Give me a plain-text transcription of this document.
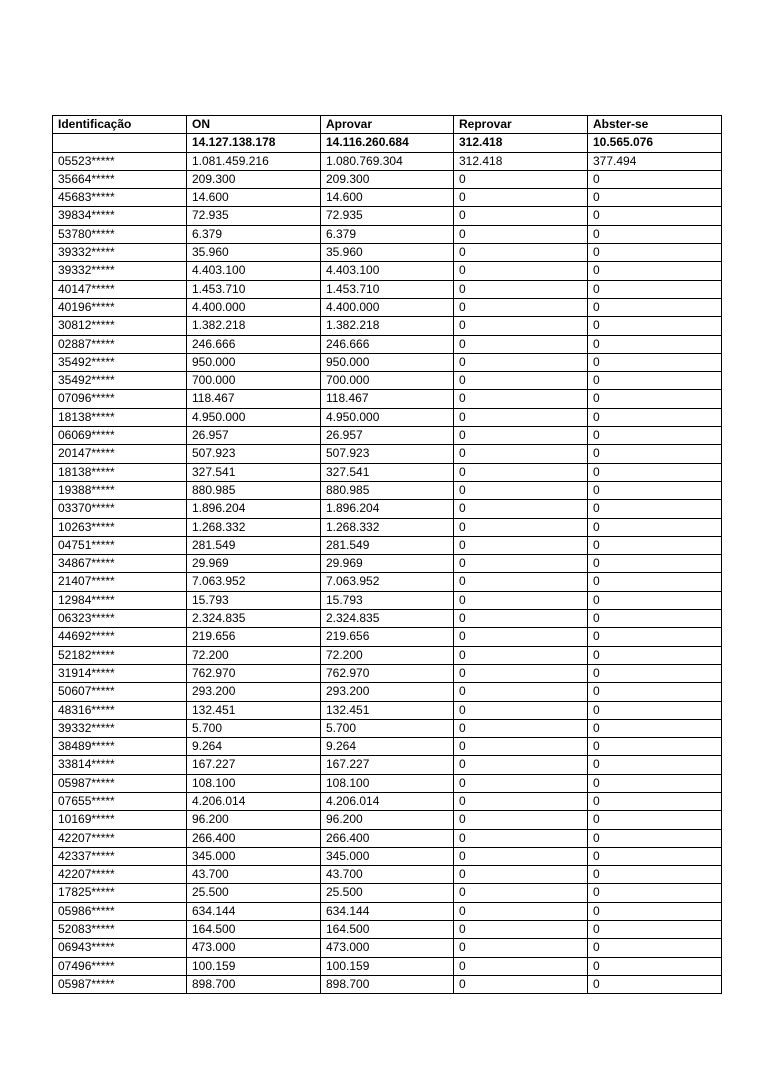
Identificação	ON	Aprovar	Reprovar	Abster-se
	14.127.138.178	14.116.260.684	312.418	10.565.076
05523*****	1.081.459.216	1.080.769.304	312.418	377.494
35664*****	209.300	209.300	0	0
45683*****	14.600	14.600	0	0
39834*****	72.935	72.935	0	0
53780*****	6.379	6.379	0	0
39332*****	35.960	35.960	0	0
39332*****	4.403.100	4.403.100	0	0
40147*****	1.453.710	1.453.710	0	0
40196*****	4.400.000	4.400.000	0	0
30812*****	1.382.218	1.382.218	0	0
02887*****	246.666	246.666	0	0
35492*****	950.000	950.000	0	0
35492*****	700.000	700.000	0	0
07096*****	118.467	118.467	0	0
18138*****	4.950.000	4.950.000	0	0
06069*****	26.957	26.957	0	0
20147*****	507.923	507.923	0	0
18138*****	327.541	327.541	0	0
19388*****	880.985	880.985	0	0
03370*****	1.896.204	1.896.204	0	0
10263*****	1.268.332	1.268.332	0	0
04751*****	281.549	281.549	0	0
34867*****	29.969	29.969	0	0
21407*****	7.063.952	7.063.952	0	0
12984*****	15.793	15.793	0	0
06323*****	2.324.835	2.324.835	0	0
44692*****	219.656	219.656	0	0
52182*****	72.200	72.200	0	0
31914*****	762.970	762.970	0	0
50607*****	293.200	293.200	0	0
48316*****	132.451	132.451	0	0
39332*****	5.700	5.700	0	0
38489*****	9.264	9.264	0	0
33814*****	167.227	167.227	0	0
05987*****	108.100	108.100	0	0
07655*****	4.206.014	4.206.014	0	0
10169*****	96.200	96.200	0	0
42207*****	266.400	266.400	0	0
42337*****	345.000	345.000	0	0
42207*****	43.700	43.700	0	0
17825*****	25.500	25.500	0	0
05986*****	634.144	634.144	0	0
52083*****	164.500	164.500	0	0
06943*****	473.000	473.000	0	0
07496*****	100.159	100.159	0	0
05987*****	898.700	898.700	0	0
